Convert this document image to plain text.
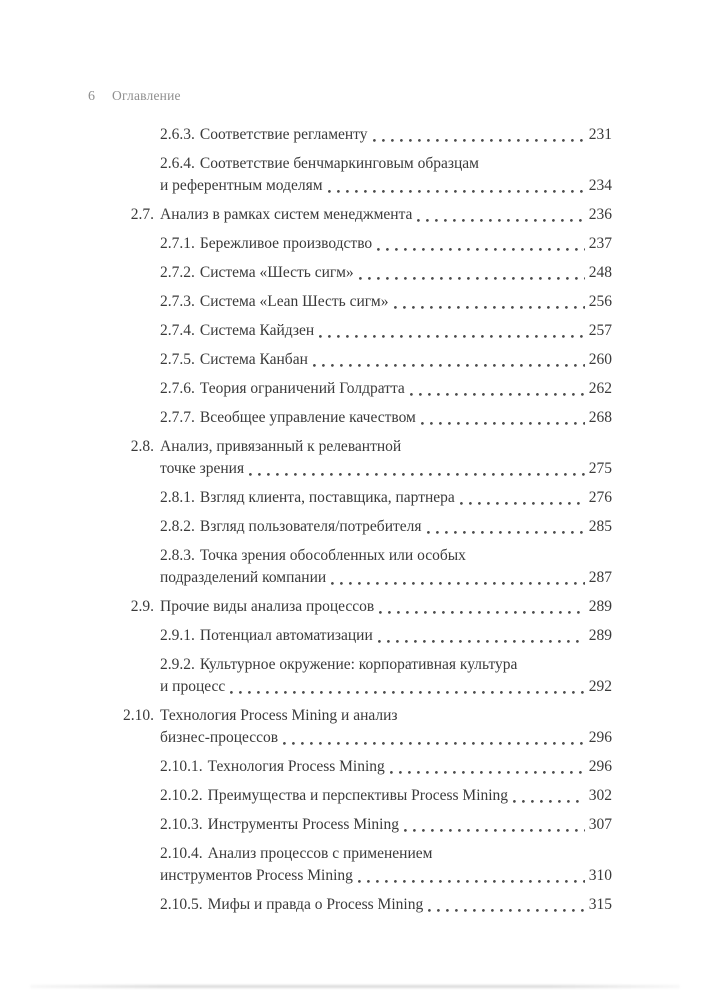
6 Оглавление
2.6.3. Соответствие регламенту	231
2.6.4. Соответствие бенчмаркинговым образцам
и референтным моделям	234
2.7. Анализ в рамках систем менеджмента	236
2.7.1. Бережливое производство	237
2.7.2. Система «Шесть сигм»	248
2.7.3. Система «Lean Шесть сигм»	256
2.7.4. Система Кайдзен	257
2.7.5. Система Канбан	260
2.7.6. Теория ограничений Голдратта	262
2.7.7. Всеобщее управление качеством	268
2.8. Анализ, привязанный к релевантной
точке зрения	275
2.8.1. Взгляд клиента, поставщика, партнера	276
2.8.2. Взгляд пользователя/потребителя	285
2.8.3. Точка зрения обособленных или особых
подразделений компании	287
2.9. Прочие виды анализа процессов	289
2.9.1. Потенциал автоматизации	289
2.9.2. Культурное окружение: корпоративная культура
и процесс	292
2.10. Технология Process Mining и анализ
бизнес-процессов	296
2.10.1. Технология Process Mining	296
2.10.2. Преимущества и перспективы Process Mining	302
2.10.3. Инструменты Process Mining	307
2.10.4. Анализ процессов с применением
инструментов Process Mining	310
2.10.5. Мифы и правда о Process Mining	315
